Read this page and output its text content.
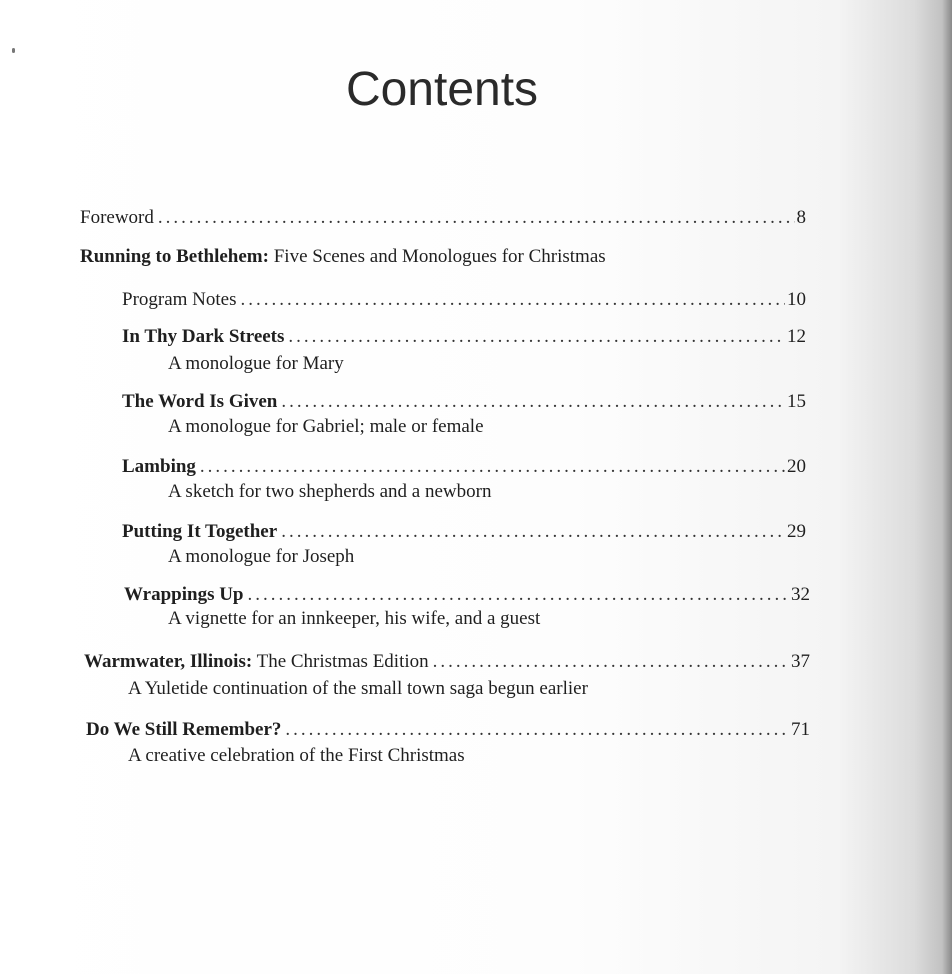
Contents
Foreword .....	8
Running to Bethlehem: Five Scenes and Monologues for Christmas
Program Notes .....	10
In Thy Dark Streets .....	12
A monologue for Mary
The Word Is Given .....	15
A monologue for Gabriel; male or female
Lambing .....	20
A sketch for two shepherds and a newborn
Putting It Together .....	29
A monologue for Joseph
Wrappings Up .....	32
A vignette for an innkeeper, his wife, and a guest
Warmwater, Illinois: The Christmas Edition .....	37
A Yuletide continuation of the small town saga begun earlier
Do We Still Remember? .....	71
A creative celebration of the First Christmas
